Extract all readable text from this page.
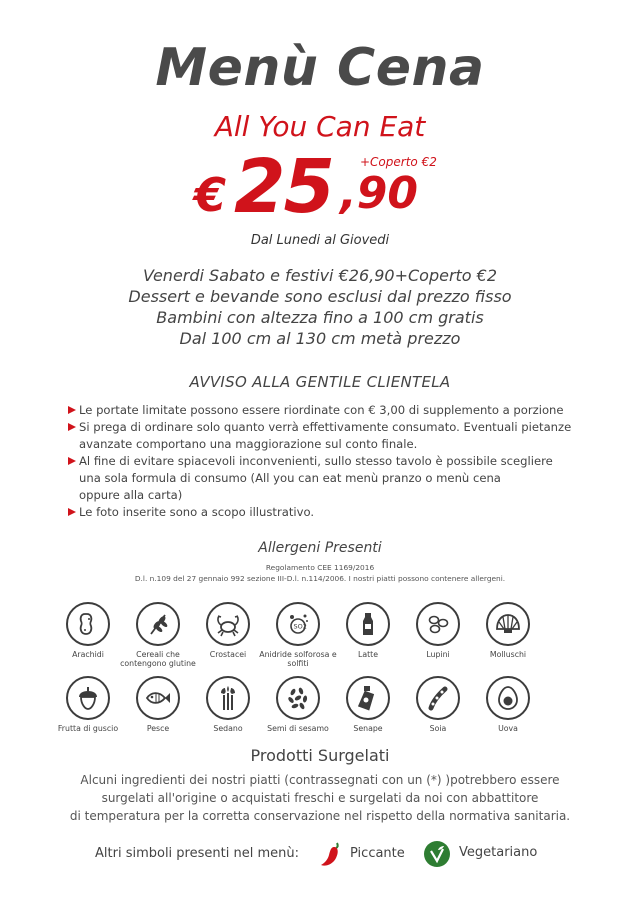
Menù Cena
All You Can Eat
€ 25 ,90
+Coperto €2
Dal Lunedi al Giovedi
Venerdi Sabato e festivi €26,90+Coperto €2
Dessert e bevande sono esclusi dal prezzo fisso
Bambini con altezza fino a 100 cm gratis
Dal 100 cm al 130 cm metà prezzo
AVVISO ALLA GENTILE CLIENTELA
Le portate limitate possono essere riordinate con € 3,00 di supplemento a porzione
Si prega di ordinare solo quanto verrà effettivamente consumato. Eventuali pietanze
avanzate comportano una maggiorazione sul conto finale.
Al fine di evitare spiacevoli inconvenienti, sullo stesso tavolo è possibile scegliere
una sola formula di consumo (All you can eat menù pranzo o menù cena
oppure alla carta)
Le foto inserite sono a scopo illustrativo.
Allergeni Presenti
Regolamento CEE 1169/2016
D.l. n.109 del 27 gennaio 992 sezione III-D.l. n.114/2006. I nostri piatti possono contenere allergeni.
Arachidi	Cereali che contengono glutine
Crostacei
SO2
Anidride solforosa e solfiti
Latte	Lupini	Molluschi
Frutta di guscio	Pesce	Sedano	Semi di sesamo	Senape	Soia	Uova
Prodotti Surgelati
Alcuni ingredienti dei nostri piatti (contrassegnati con un (*) )potrebbero essere
surgelati all'origine o acquistati freschi e surgelati da noi con abbattitore
di temperatura per la corretta conservazione nel rispetto della normativa sanitaria.
Altri simboli presenti nel menù:	Piccante	Vegetariano
